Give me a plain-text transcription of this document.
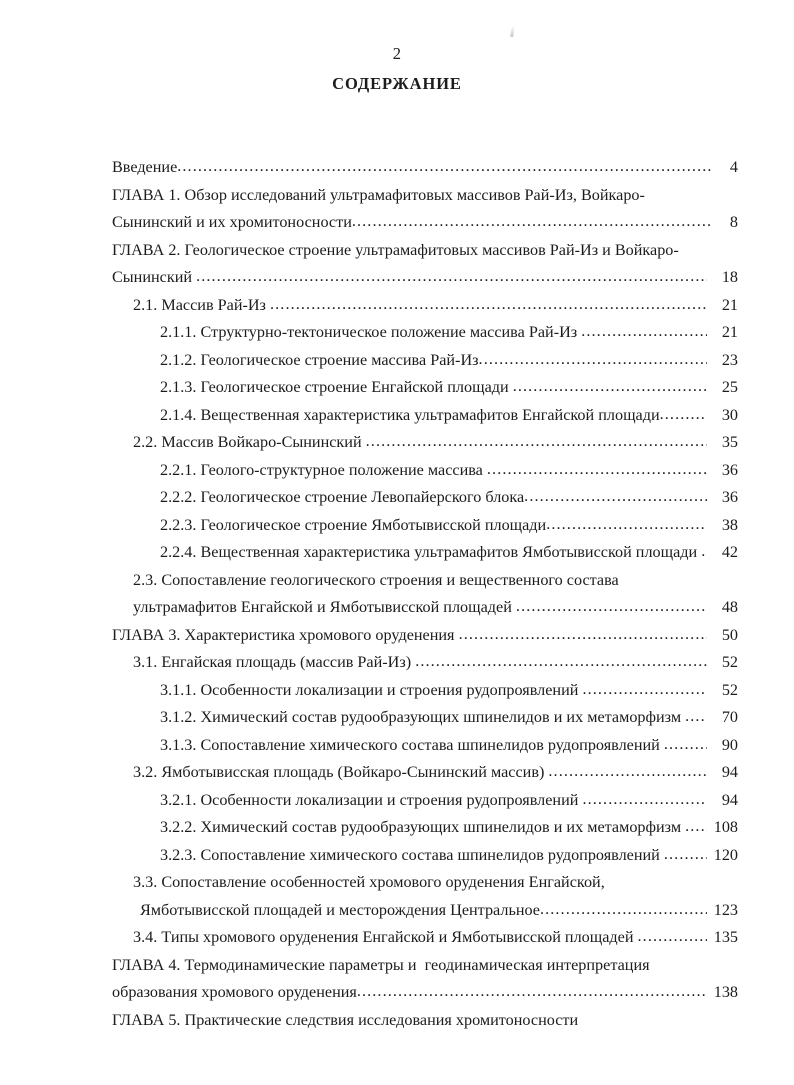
2
СОДЕРЖАНИЕ
Введение .....	4
ГЛАВА 1. Обзор исследований ультрамафитовых массивов Рай-Из, Войкаро-
Сынинский и их хромитоносности .....	8
ГЛАВА 2. Геологическое строение ультрамафитовых массивов Рай-Из и Войкаро-
Сынинский .....	18
2.1. Массив Рай-Из .....	21
2.1.1. Структурно-тектоническое положение массива Рай-Из .....	21
2.1.2. Геологическое строение массива Рай-Из .....	23
2.1.3. Геологическое строение Енгайской площади .....	25
2.1.4. Вещественная характеристика ультрамафитов Енгайской площади .....	30
2.2. Массив Войкаро-Сынинский .....	35
2.2.1. Геолого-структурное положение массива .....	36
2.2.2. Геологическое строение Левопайерского блока .....	36
2.2.3. Геологическое строение Ямботывисской площади .....	38
2.2.4. Вещественная характеристика ультрамафитов Ямботывисской площади .....	42
2.3. Сопоставление геологического строения и вещественного состава
ультрамафитов Енгайской и Ямботывисской площадей .....	48
ГЛАВА 3. Характеристика хромового оруденения .....	50
3.1. Енгайская площадь (массив Рай-Из) .....	52
3.1.1. Особенности локализации и строения рудопроявлений .....	52
3.1.2. Химический состав рудообразующих шпинелидов и их метаморфизм .....	70
3.1.3. Сопоставление химического состава шпинелидов рудопроявлений .....	90
3.2. Ямботывисская площадь (Войкаро-Сынинский массив) .....	94
3.2.1. Особенности локализации и строения рудопроявлений .....	94
3.2.2. Химический состав рудообразующих шпинелидов и их метаморфизм .....	108
3.2.3. Сопоставление химического состава шпинелидов рудопроявлений .....	120
3.3. Сопоставление особенностей хромового оруденения Енгайской,
Ямботывисской площадей и месторождения Центральное .....	123
3.4. Типы хромового оруденения Енгайской и Ямботывисской площадей .....	135
ГЛАВА 4. Термодинамические параметры и  геодинамическая интерпретация
образования хромового оруденения .....	138
ГЛАВА 5. Практические следствия исследования хромитоносности
